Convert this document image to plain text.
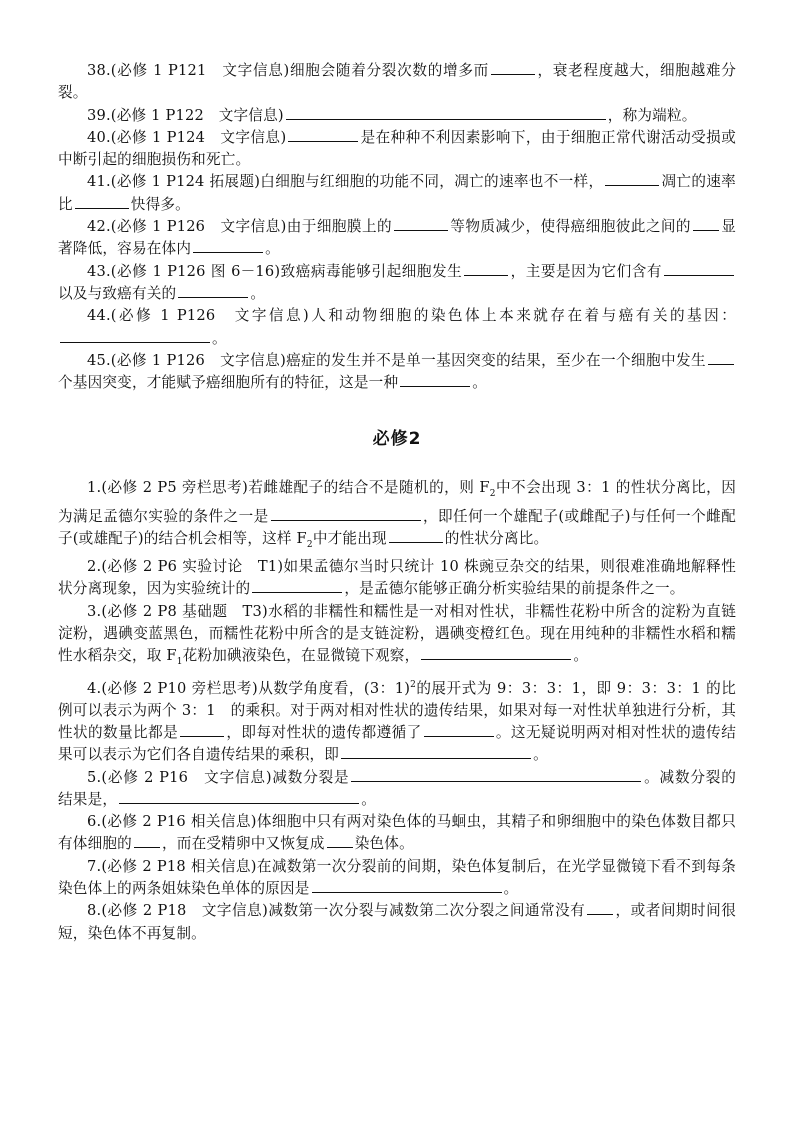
38.(必修 1 P121　文字信息)细胞会随着分裂次数的增多而	，衰老程度越大，细胞越难分裂。

39.(必修 1 P122　文字信息)	，称为端粒。

40.(必修 1 P124　文字信息)	是在种种不利因素影响下，由于细胞正常代谢活动受损或中断引起的细胞损伤和死亡。

41.(必修 1 P124 拓展题)白细胞与红细胞的功能不同，凋亡的速率也不一样，	凋亡的速率比	快得多。

42.(必修 1 P126　文字信息)由于细胞膜上的	等物质减少，使得癌细胞彼此之间的 显著降低，容易在体内	。

43.(必修 1 P126 图 6－16)致癌病毒能够引起细胞发生	，主要是因为它们含有以及与致癌有关的	。

44.(必修 1 P126　文字信息)人和动物细胞的染色体上本来就存在着与癌有关的基因：。

45.(必修 1 P126　文字信息)癌症的发生并不是单一基因突变的结果，至少在一个细胞中发生个基因突变，才能赋予癌细胞所有的特征，这是一种	。

必修2

1.(必修 2 P5 旁栏思考)若雌雄配子的结合不是随机的，则 $F_2$中不会出现 3：1 的性状分离比，因为满足孟德尔实验的条件之一是	，即任何一个雄配子(或雌配子)与任何一个雌配子(或雄配子)的结合机会相等，这样 $F_2$中才能出现	的性状分离比。

2.(必修 2 P6 实验讨论　T1)如果孟德尔当时只统计 10 株豌豆杂交的结果，则很难准确地解释性状分离现象，因为实验统计的	，是孟德尔能够正确分析实验结果的前提条件之一。

3.(必修 2 P8 基础题　T3)水稻的非糯性和糯性是一对相对性状，非糯性花粉中所含的淀粉为直链淀粉，遇碘变蓝黑色，而糯性花粉中所含的是支链淀粉，遇碘变橙红色。现在用纯种的非糯性水稻和糯性水稻杂交，取 $F_1$花粉加碘液染色，在显微镜下观察，	。

4.(必修 2 P10 旁栏思考)从数学角度看，(3：1)$^2$的展开式为 9：3：3：1，即 9：3：3：1 的比例可以表示为两个 3：1　的乘积。对于两对相对性状的遗传结果，如果对每一对性状单独进行分析，其性状的数量比都是	，即每对性状的遗传都遵循了	。这无疑说明两对相对性状的遗传结果可以表示为它们各自遗传结果的乘积，即	。

5.(必修 2 P16　文字信息)减数分裂是	。减数分裂的结果是，	。

6.(必修 2 P16 相关信息)体细胞中只有两对染色体的马蛔虫，其精子和卵细胞中的染色体数目都只有体细胞的 ，而在受精卵中又恢复成 染色体。

7.(必修 2 P18 相关信息)在减数第一次分裂前的间期，染色体复制后，在光学显微镜下看不到每条染色体上的两条姐妹染色单体的原因是	。

8.(必修 2 P18　文字信息)减数第一次分裂与减数第二次分裂之间通常没有 ，或者间期时间很短，染色体不再复制。
